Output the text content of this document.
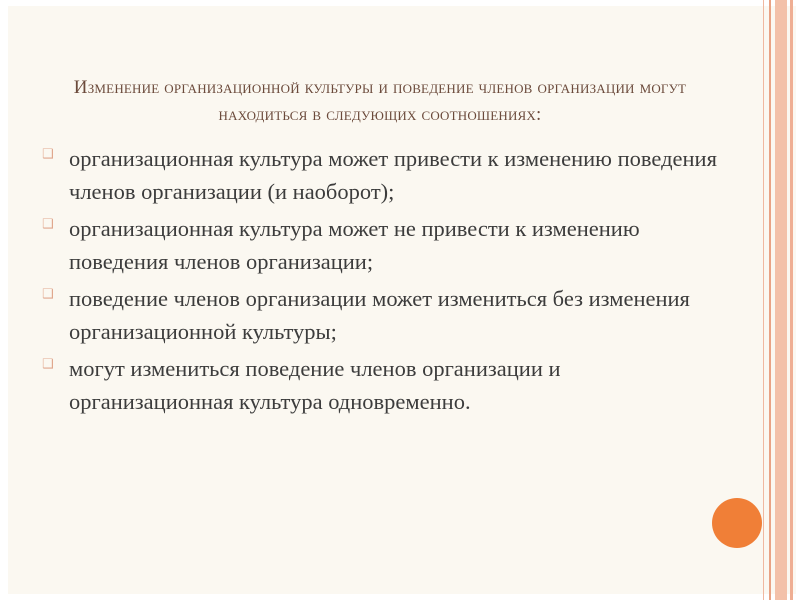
Изменение организационной культуры и поведение членов организации могут находиться в следующих соотношениях:
❑ организационная культура может привести к изменению поведения членов организации (и наоборот);
❑ организационная культура может не привести к изменению поведения членов организации;
❑ поведение членов организации может измениться без изменения организационной культуры;
❑ могут измениться поведение членов организации и организационная культура одновременно.
